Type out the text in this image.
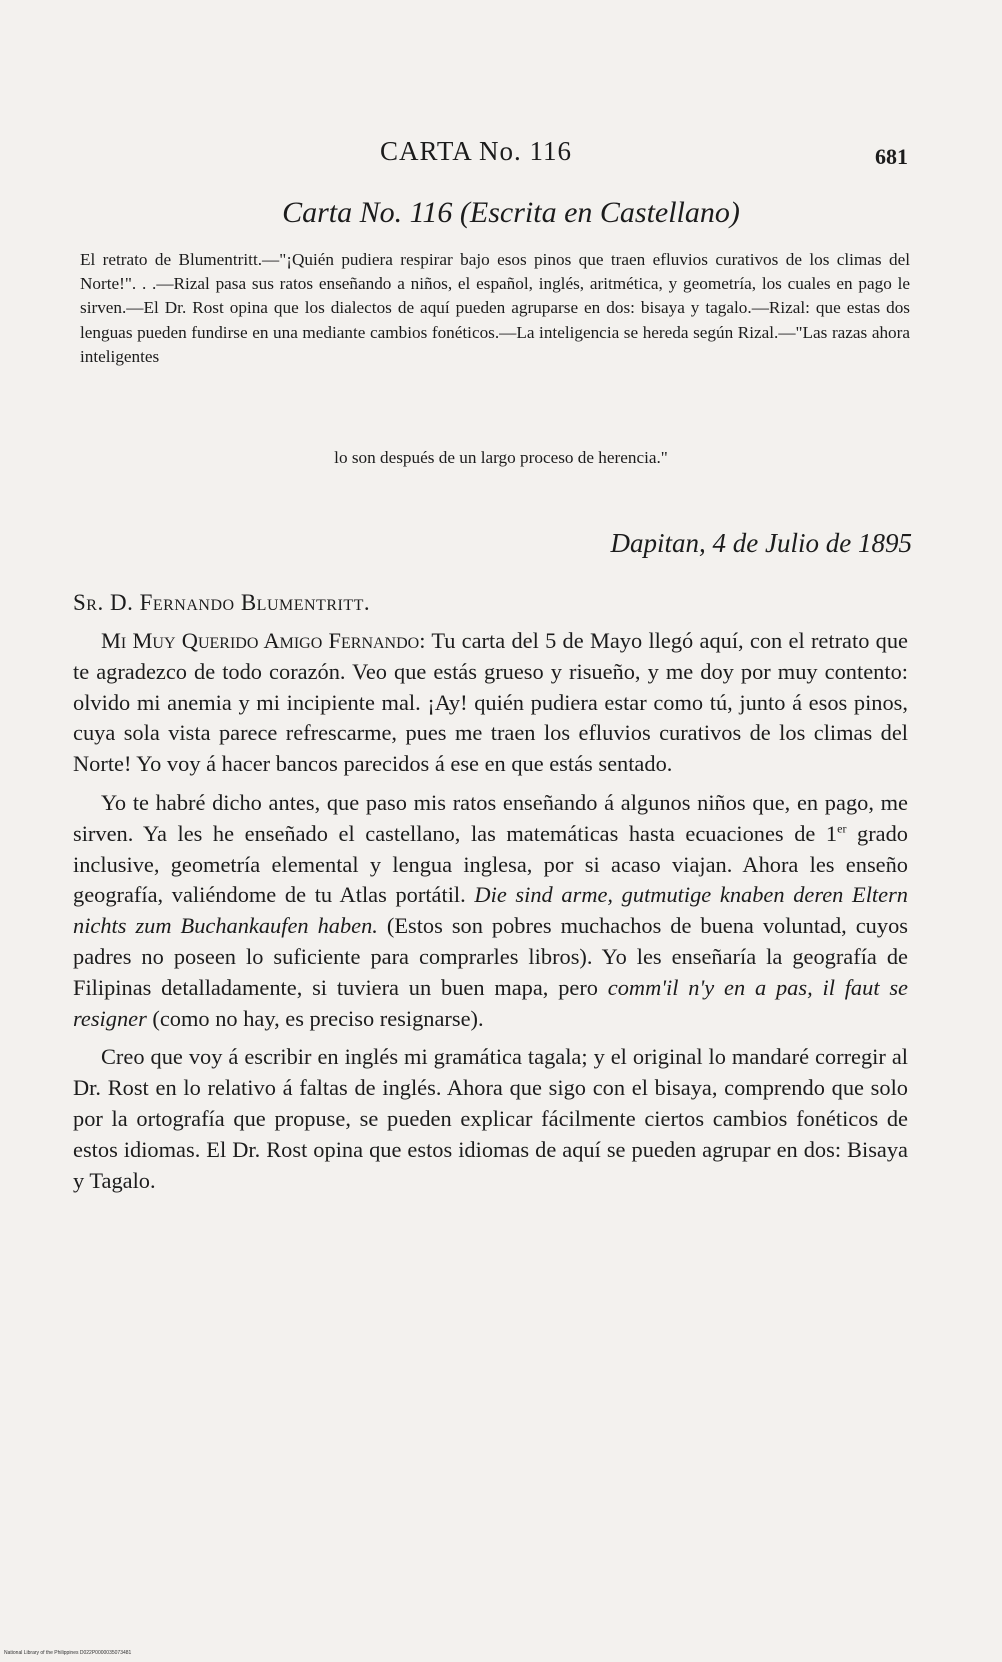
CARTA No. 116	681
Carta No. 116 (Escrita en Castellano)

El retrato de Blumentritt.—"¡Quién pudiera respirar bajo esos pinos que traen efluvios curativos de los climas del Norte!". . .—Rizal pasa sus ratos enseñando a niños, el español, inglés, aritmética, y geometría, los cuales en pago le sirven.—El Dr. Rost opina que los dialectos de aquí pueden agruparse en dos: bisaya y tagalo.—Rizal: que estas dos lenguas pueden fundirse en una mediante cambios fonéticos.—La inteligencia se hereda según Rizal.—"Las razas ahora inteligentes

lo son después de un largo proceso de herencia."

Dapitan, 4 de Julio de 1895

Sr. D. Fernando Blumentritt.

Mi Muy Querido Amigo Fernando: Tu carta del 5 de Mayo llegó aquí, con el retrato que te agradezco de todo corazón. Veo que estás grueso y risueño, y me doy por muy contento: olvido mi anemia y mi incipiente mal. ¡Ay! quién pudiera estar como tú, junto á esos pinos, cuya sola vista parece refrescarme, pues me traen los efluvios curativos de los climas del Norte! Yo voy á hacer bancos parecidos á ese en que estás sentado.

Yo te habré dicho antes, que paso mis ratos enseñando á algunos niños que, en pago, me sirven. Ya les he enseñado el castellano, las matemáticas hasta ecuaciones de 1er grado inclusive, geometría elemental y lengua inglesa, por si acaso viajan. Ahora les enseño geografía, valiéndome de tu Atlas portátil. Die sind arme, gutmutige knaben deren Eltern nichts zum Buchankaufen haben. (Estos son pobres muchachos de buena voluntad, cuyos padres no poseen lo suficiente para comprarles libros). Yo les enseñaría la geografía de Filipinas detalladamente, si tuviera un buen mapa, pero comm'il n'y en a pas, il faut se resigner (como no hay, es preciso resignarse).

Creo que voy á escribir en inglés mi gramática tagala; y el original lo mandaré corregir al Dr. Rost en lo relativo á faltas de inglés. Ahora que sigo con el bisaya, comprendo que solo por la ortografía que propuse, se pueden explicar fácilmente ciertos cambios fonéticos de estos idiomas. El Dr. Rost opina que estos idiomas de aquí se pueden agrupar en dos: Bisaya y Tagalo.

National Library of the Philippines D022P0000035073481
